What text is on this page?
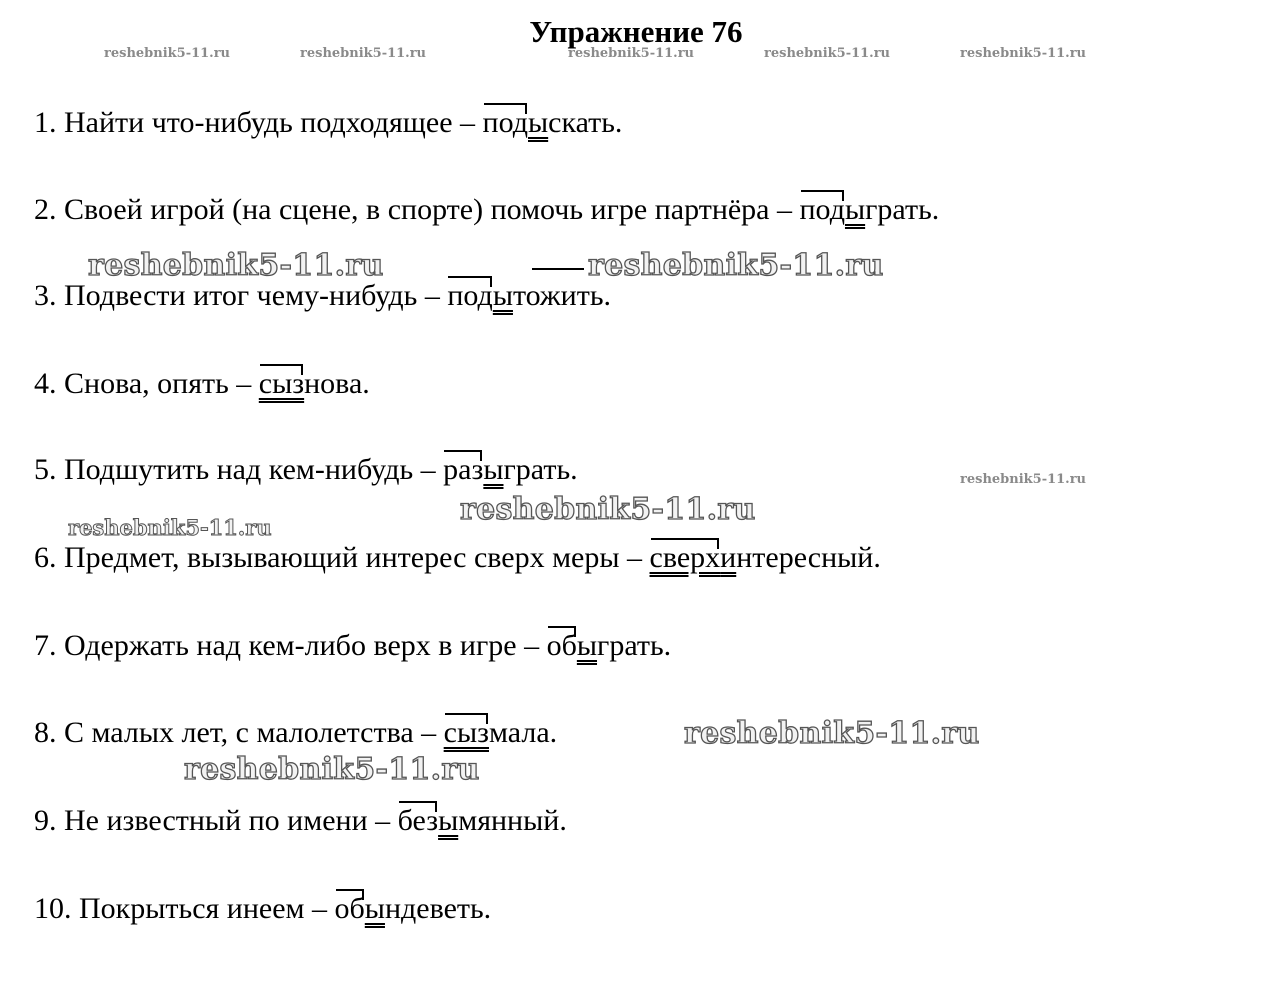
Упражнение 76
reshebnik5-11.ru	reshebnik5-11.ru	reshebnik5-11.ru	reshebnik5-11.ru	reshebnik5-11.ru
1. Найти что-нибудь подходящее – подыскать.
2. Своей игрой (на сцене, в спорте) помочь игре партнёра – подыграть.
3. Подвести итог чему-нибудь – подытожить.
4. Снова, опять – сызнова.
5. Подшутить над кем-нибудь – разыграть.
6. Предмет, вызывающий интерес сверх меры – сверхинтересный.
7. Одержать над кем-либо верх в игре – обыграть.
8. С малых лет, с малолетства – сызмала.
9. Не известный по имени – безымянный.
10. Покрыться инеем – обындеветь.
reshebnik5-11.ru	reshebnik5-11.ru
reshebnik5-11.ru
reshebnik5-11.ru
reshebnik5-11.ru
reshebnik5-11.ru
reshebnik5-11.ru
